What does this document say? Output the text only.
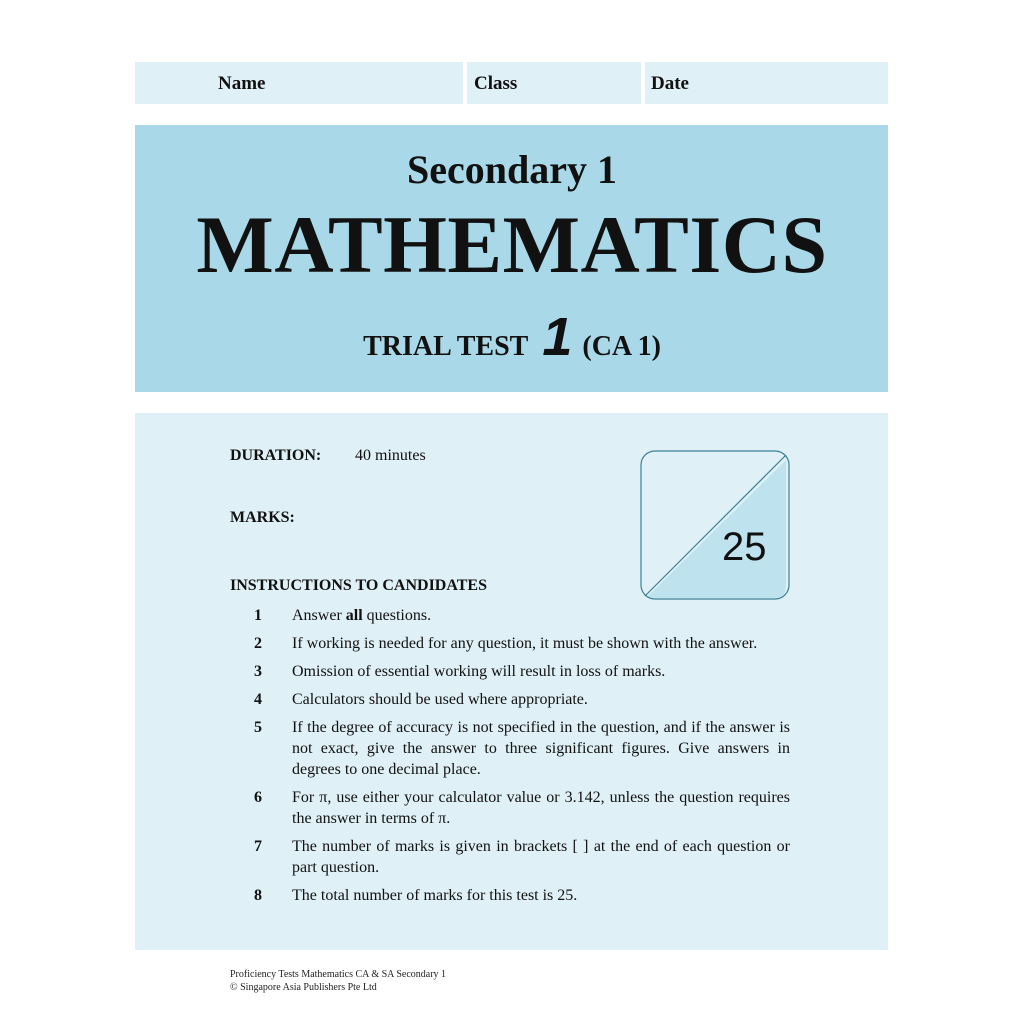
Name	Class	Date
Secondary 1
MATHEMATICS
TRIAL TEST 1 (CA 1)
DURATION: 40 minutes
MARKS:
25
INSTRUCTIONS TO CANDIDATES
1 Answer all questions.
2 If working is needed for any question, it must be shown with the answer.
3 Omission of essential working will result in loss of marks.
4 Calculators should be used where appropriate.
5 If the degree of accuracy is not specified in the question, and if the answer is not exact, give the answer to three significant figures. Give answers in degrees to one decimal place.
6 For π, use either your calculator value or 3.142, unless the question requires the answer in terms of π.
7 The number of marks is given in brackets [ ] at the end of each question or part question.
8 The total number of marks for this test is 25.
Proficiency Tests Mathematics CA & SA Secondary 1
© Singapore Asia Publishers Pte Ltd
